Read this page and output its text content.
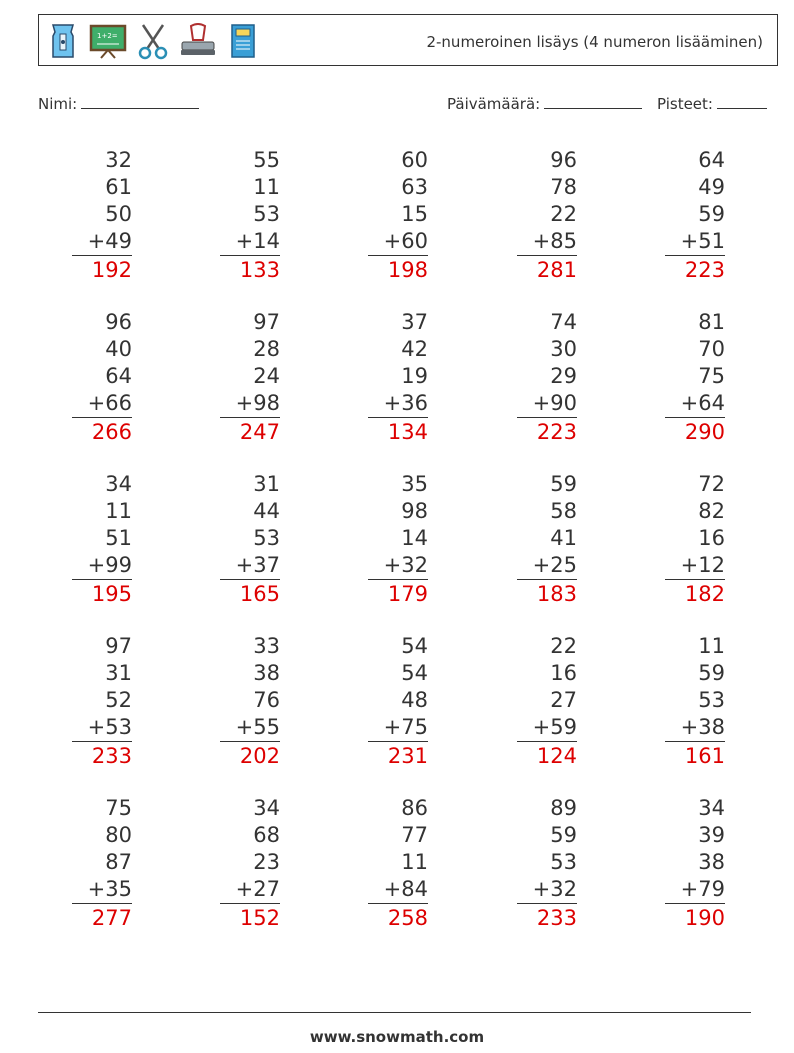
1+2=	2-numeroinen lisäys (4 numeron lisääminen)
Nimi:	Päivämäärä:	Pisteet:
32
61
50
+49
192
55
11
53
+14
133
60
63
15
+60
198
96
78
22
+85
281
64
49
59
+51
223
96
40
64
+66
266
97
28
24
+98
247
37
42
19
+36
134
74
30
29
+90
223
81
70
75
+64
290
34
11
51
+99
195
31
44
53
+37
165
35
98
14
+32
179
59
58
41
+25
183
72
82
16
+12
182
97
31
52
+53
233
33
38
76
+55
202
54
54
48
+75
231
22
16
27
+59
124
11
59
53
+38
161
75
80
87
+35
277
34
68
23
+27
152
86
77
11
+84
258
89
59
53
+32
233
34
39
38
+79
190
www.snowmath.com
